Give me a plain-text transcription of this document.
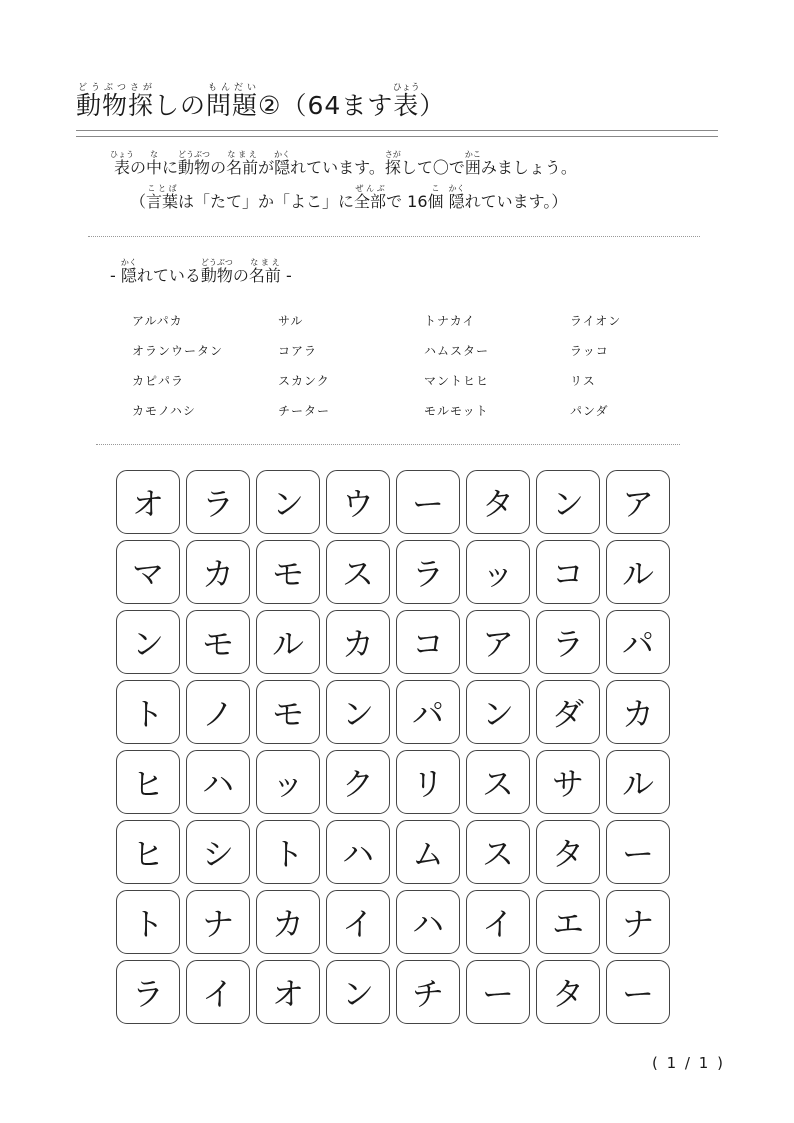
動物探どうぶつさがしの問題もんだい②（64ます表ひょう）
表ひょうの中なに動物どうぶつの名前なまえが隠かくれています。探さがして〇で囲かこみましょう。
（言葉ことばは「たて」か「よこ」に全部ぜんぶで 16個こ 隠かくれています。）
- 隠かくれている動物どうぶつの名前なまえ -
アルパカ	サル	トナカイ	ライオン
オランウータン	コアラ	ハムスター	ラッコ
カピパラ	スカンク	マントヒヒ	リス
カモノハシ	チーター	モルモット	パンダ
オ	ラ	ン	ウ	ー	タ	ン	ア
マ	カ	モ	ス	ラ	ッ	コ	ル
ン	モ	ル	カ	コ	ア	ラ	パ
ト	ノ	モ	ン	パ	ン	ダ	カ
ヒ	ハ	ッ	ク	リ	ス	サ	ル
ヒ	シ	ト	ハ	ム	ス	タ	ー
ト	ナ	カ	イ	ハ	イ	エ	ナ
ラ	イ	オ	ン	チ	ー	タ	ー
( 1 / 1 )
